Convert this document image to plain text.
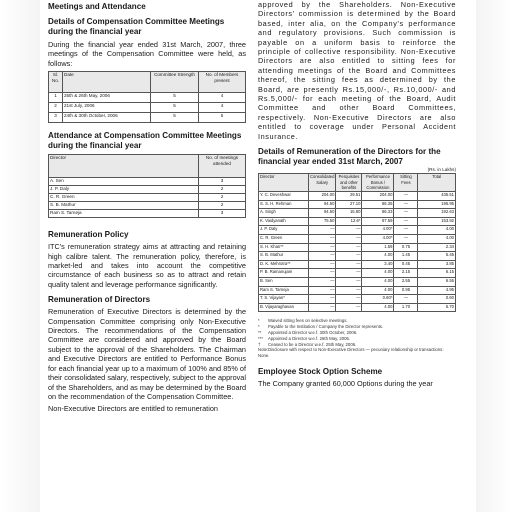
Meetings and Attendance

Details of Compensation Committee Meetings

during the financial year

During the financial year ended 31st March, 2007, three meetings of the Compensation Committee were held, as follows:

Sl. No.	Date	Committee Strength	No. of Members present
1	25th & 26th May, 2006	5	4
2	21st July, 2006	5	4
3	24th & 30th October, 2006	5	5

Attendance at Compensation Committee Meetings

during the financial year

Director	No. of meetings attended
A. Sen	3
J. P. Daly	2
C. R. Green	2
S. B. Mathur	2
Ram S. Tarneja	3

Remuneration Policy

ITC's remuneration strategy aims at attracting and retaining high calibre talent. The remuneration policy, therefore, is market-led and takes into account the competitive circumstance of each business so as to attract and retain quality talent and leverage performance significantly.

Remuneration of Directors

Remuneration of Executive Directors is determined by the Compensation Committee comprising only Non-Executive Directors. The recommendations of the Compensation Committee are considered and approved by the Board subject to the approval of the Shareholders. The Chairman and Executive Directors are entitled to Performance Bonus for each financial year up to a maximum of 100% and 85% of their consolidated salary, respectively, subject to the approval of the Shareholders, and as may be determined by the Board on the recommendation of the Compensation Committee.

Non-Executive Directors are entitled to remuneration

approved by the Shareholders. Non-Executive Directors' commission is determined by the Board based, inter alia, on the Company's performance and regulatory provisions. Such commission is payable on a uniform basis to reinforce the principle of collective responsibility. Non-Executive Directors are also entitled to sitting fees for attending meetings of the Board and Committees thereof, the sitting fees as determined by the Board, are presently Rs.15,000/-, Rs.10,000/- and Rs.5,000/- for each meeting of the Board, Audit Committee and other Board Committees, respectively. Non-Executive Directors are also entitled to coverage under Personal Accident Insurance.

Details of Remuneration of the Directors for the

financial year ended 31st March, 2007

(Rs. in Lakhs)
Director	Consolidated Salary	Perquisites and other benefits	Performance Bonus / Commission	Sitting Fees	Total
Y. C. Deveshwar	204.00	29.51	204.00	—	435.51
S. S. H. Rehman	94.50	27.10	86.35	—	195.95
A. Singh	94.50	15.80	86.33	—	192.63
K. Vaidyanath	75.50	12.6*	67.59	—	153.92
J. P. Daly	—	—	4.00*	—	4.00
C. R. Green	—	—	4.00*	—	4.00
S. H. Khan**	—	—	1.59	0.75	2.34
S. B. Mathur	—	—	4.00	1.45	5.45
D. K. Mehrotra**	—	—	3.40	0.45	3.85
P. B. Ramanujam	—	—	4.00	2.15	6.15
B. Sen	—	—	4.00	2.55	6.55
Ram S. Tarneja	—	—	4.00	0.95	4.95
T. S. Vijayan*	—	—	0.60*	—	0.60
B. Vijayaraghavan	—	—	4.00	1.70	5.70

* Waived sitting fees on selective meetings.

* Payable to the Institution / Company the Director represents.

** Appointed a Director w.e.f. 30th October, 2006.

*** Appointed a Director w.e.f. 26th May, 2006.

† Ceased to be a Director w.e.f. 25th May, 2006.

Note:Disclosure with respect to Non-Executive Directors — pecuniary relationship or transactions: None.

Employee Stock Option Scheme

The Company granted 60,000 Options during the year
